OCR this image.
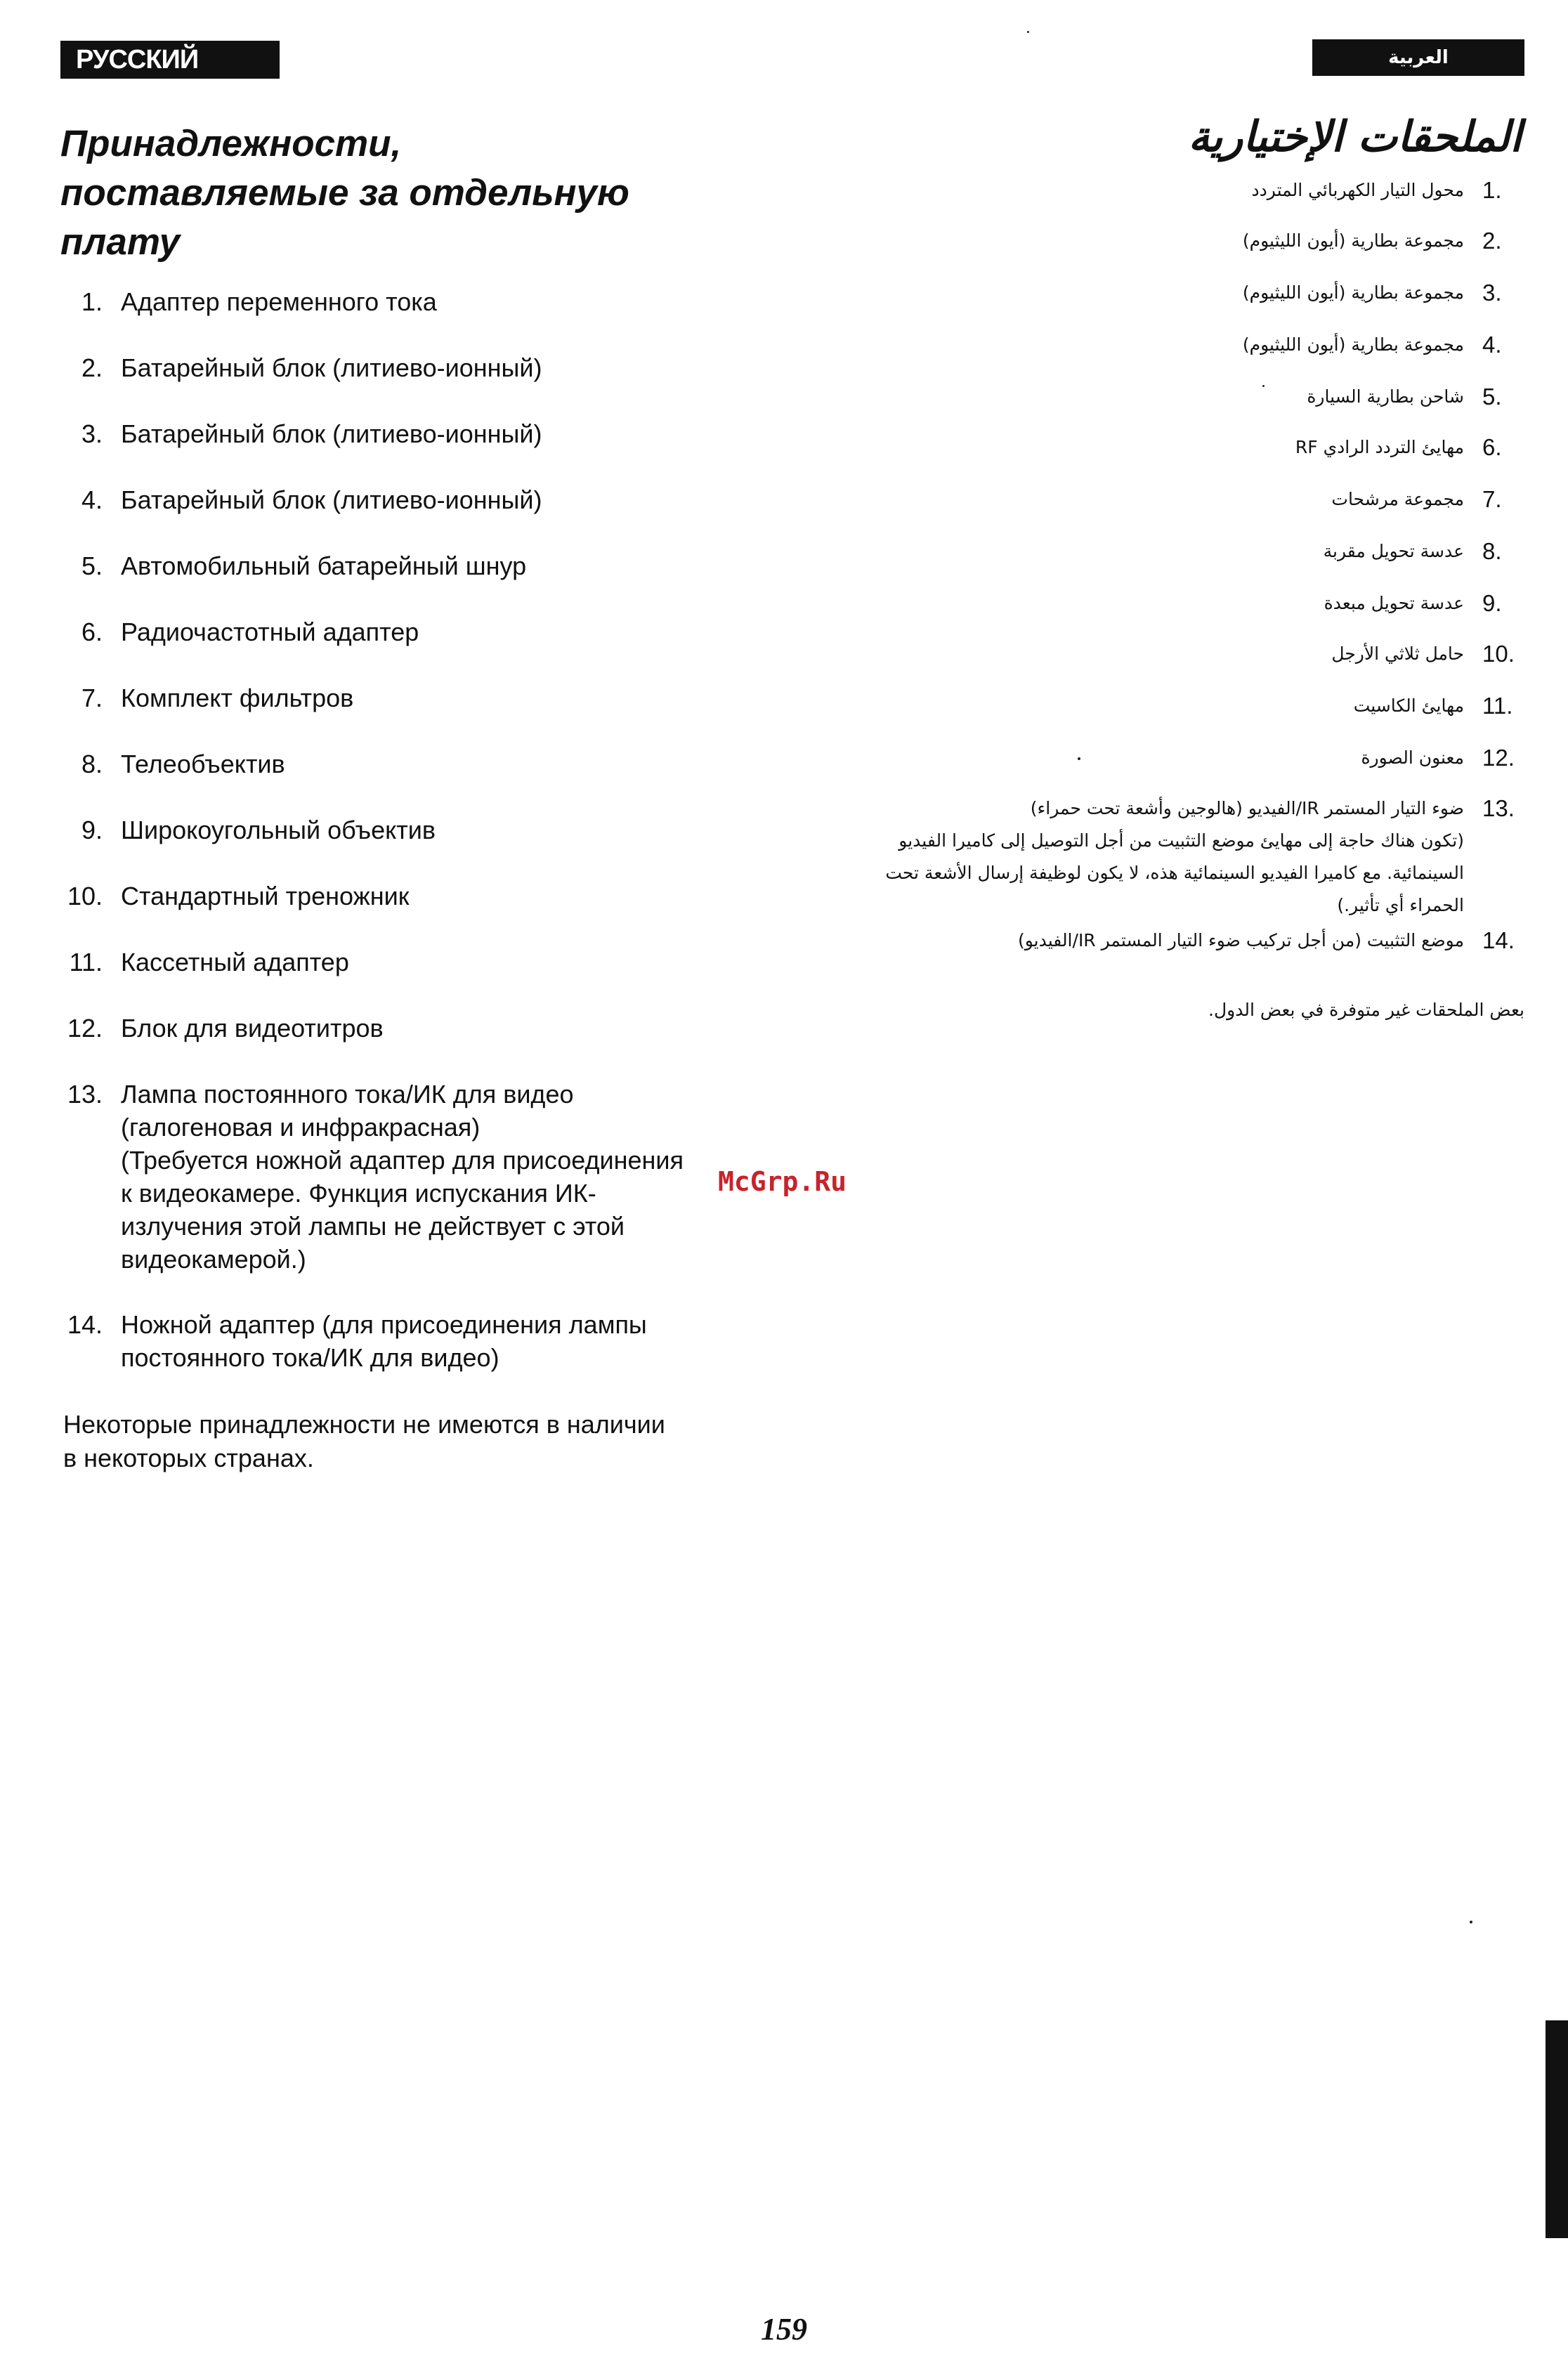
РУССКИЙ ЯЗЫК
العربية
Принадлежности,
поставляемые за отдельную
плату
1. Адаптер переменного тока
2. Батарейный блок (литиево-ионный)
3. Батарейный блок (литиево-ионный)
4. Батарейный блок (литиево-ионный)
5. Автомобильный батарейный шнур
6. Радиочастотный адаптер
7. Комплект фильтров
8. Телеобъектив
9. Широкоугольный объектив
10. Стандартный треножник
11. Кассетный адаптер
12. Блок для видеотитров
13. Лампа постоянного тока/ИК для видео
(галогеновая и инфракрасная)
(Требуется ножной адаптер для присоединения
к видеокамере. Функция испускания ИК-
излучения этой лампы не действует с этой
видеокамерой.)
14. Ножной адаптер (для присоединения лампы
постоянного тока/ИК для видео)
Некоторые принадлежности не имеются в наличии
в некоторых странах.
McGrp.Ru
الملحقات الإختيارية
1.
محول التيار الكهربائي المتردد
2.
مجموعة بطارية (أيون الليثيوم)
3.
مجموعة بطارية (أيون الليثيوم)
4.
مجموعة بطارية (أيون الليثيوم)
5.
شاحن بطارية السيارة
6.
مهايئ التردد الرادي RF
7.
مجموعة مرشحات
8.
عدسة تحويل مقربة
9.
عدسة تحويل مبعدة
10.
حامل ثلاثي الأرجل
11.
مهايئ الكاسيت
12.
معنون الصورة
13.
ضوء التيار المستمر IR/الفيديو (هالوجين وأشعة تحت حمراء)
(تكون هناك حاجة إلى مهايئ موضع التثبيت من أجل التوصيل إلى كاميرا الفيديو
السينمائية. مع كاميرا الفيديو السينمائية هذه، لا يكون لوظيفة إرسال الأشعة تحت
الحمراء أي تأثير.)
14.
موضع التثبيت (من أجل تركيب ضوء التيار المستمر IR/الفيديو)
بعض الملحقات غير متوفرة في بعض الدول.
159
